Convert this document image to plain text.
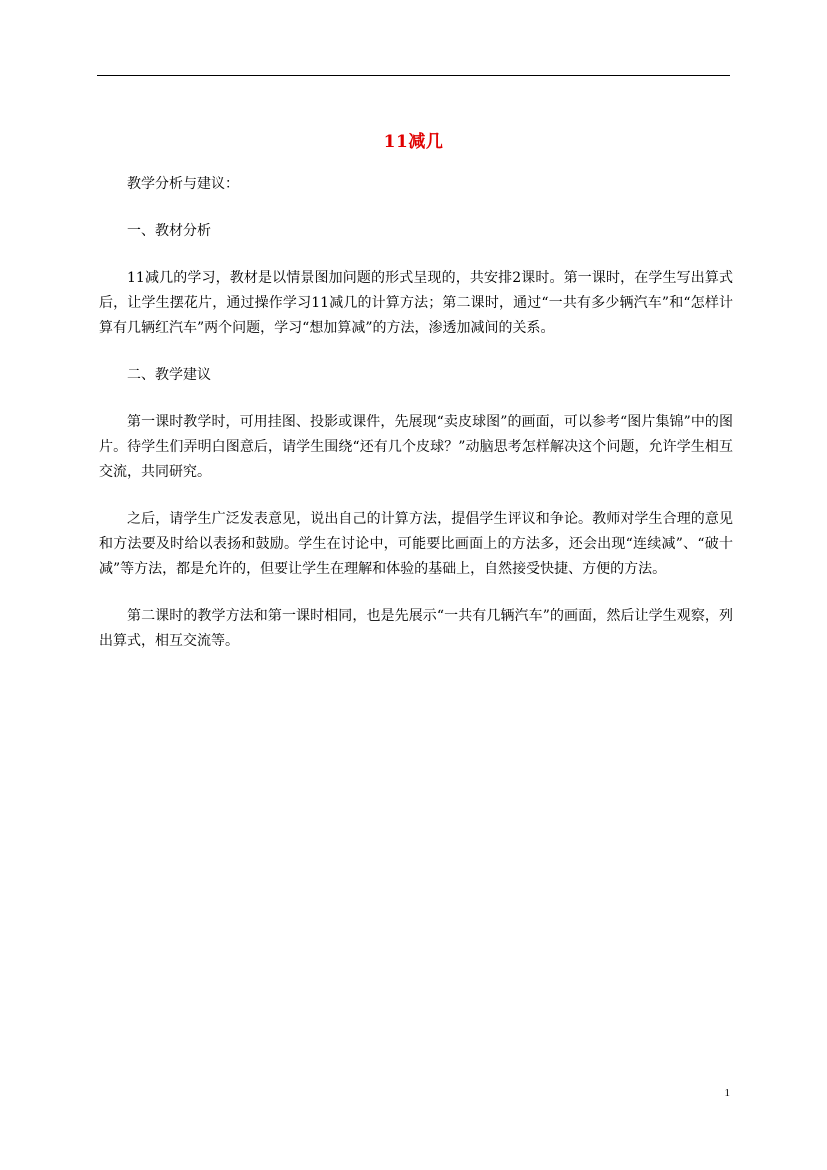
11减几

教学分析与建议：

一、教材分析

11减几的学习，教材是以情景图加问题的形式呈现的，共安排2课时。第一课时，在学生写出算式后，让学生摆花片，通过操作学习11减几的计算方法；第二课时，通过“一共有多少辆汽车”和“怎样计算有几辆红汽车”两个问题，学习“想加算减”的方法，渗透加减间的关系。

二、教学建议

第一课时教学时，可用挂图、投影或课件，先展现“卖皮球图”的画面，可以参考“图片集锦”中的图片。待学生们弄明白图意后，请学生围绕“还有几个皮球？”动脑思考怎样解决这个问题，允许学生相互交流，共同研究。

之后，请学生广泛发表意见，说出自己的计算方法，提倡学生评议和争论。教师对学生合理的意见和方法要及时给以表扬和鼓励。学生在讨论中，可能要比画面上的方法多，还会出现“连续减”、“破十减”等方法，都是允许的，但要让学生在理解和体验的基础上，自然接受快捷、方便的方法。

第二课时的教学方法和第一课时相同，也是先展示“一共有几辆汽车”的画面，然后让学生观察，列出算式，相互交流等。

1
